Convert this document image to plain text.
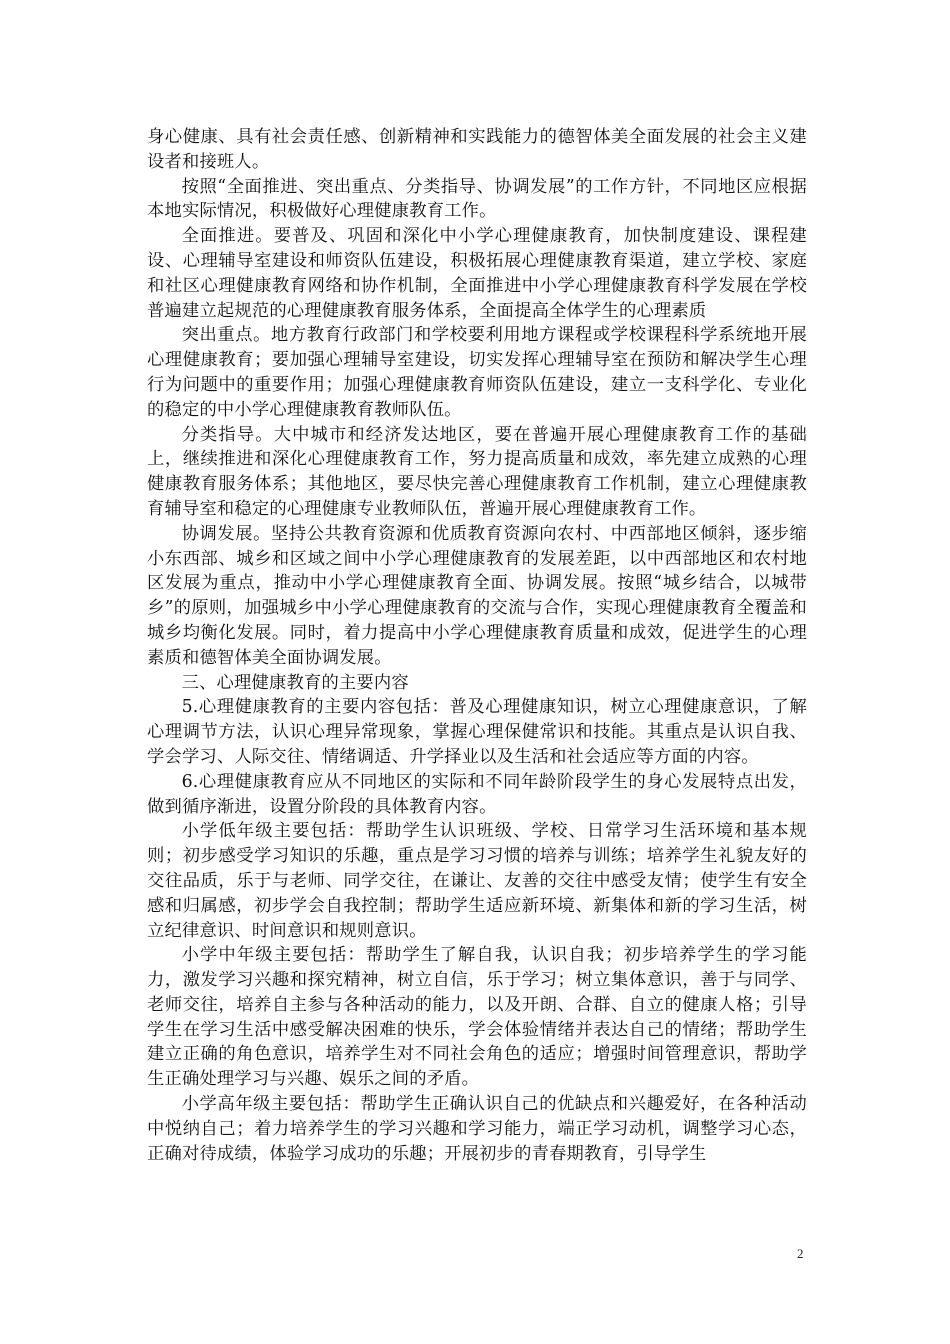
身心健康、具有社会责任感、创新精神和实践能力的德智体美全面发展的社会主义建设者和接班人。

按照“全面推进、突出重点、分类指导、协调发展”的工作方针，不同地区应根据本地实际情况，积极做好心理健康教育工作。

全面推进。要普及、巩固和深化中小学心理健康教育，加快制度建设、课程建设、心理辅导室建设和师资队伍建设，积极拓展心理健康教育渠道，建立学校、家庭和社区心理健康教育网络和协作机制，全面推进中小学心理健康教育科学发展在学校普遍建立起规范的心理健康教育服务体系，全面提高全体学生的心理素质

突出重点。地方教育行政部门和学校要利用地方课程或学校课程科学系统地开展心理健康教育；要加强心理辅导室建设，切实发挥心理辅导室在预防和解决学生心理行为问题中的重要作用；加强心理健康教育师资队伍建设，建立一支科学化、专业化的稳定的中小学心理健康教育教师队伍。

分类指导。大中城市和经济发达地区，要在普遍开展心理健康教育工作的基础上，继续推进和深化心理健康教育工作，努力提高质量和成效，率先建立成熟的心理健康教育服务体系；其他地区，要尽快完善心理健康教育工作机制，建立心理健康教育辅导室和稳定的心理健康专业教师队伍，普遍开展心理健康教育工作。

协调发展。坚持公共教育资源和优质教育资源向农村、中西部地区倾斜，逐步缩小东西部、城乡和区域之间中小学心理健康教育的发展差距，以中西部地区和农村地区发展为重点，推动中小学心理健康教育全面、协调发展。按照“城乡结合，以城带乡”的原则，加强城乡中小学心理健康教育的交流与合作，实现心理健康教育全覆盖和城乡均衡化发展。同时，着力提高中小学心理健康教育质量和成效，促进学生的心理素质和德智体美全面协调发展。

三、心理健康教育的主要内容

5.心理健康教育的主要内容包括：普及心理健康知识，树立心理健康意识，了解心理调节方法，认识心理异常现象，掌握心理保健常识和技能。其重点是认识自我、学会学习、人际交往、情绪调适、升学择业以及生活和社会适应等方面的内容。

6.心理健康教育应从不同地区的实际和不同年龄阶段学生的身心发展特点出发，做到循序渐进，设置分阶段的具体教育内容。

小学低年级主要包括：帮助学生认识班级、学校、日常学习生活环境和基本规则；初步感受学习知识的乐趣，重点是学习习惯的培养与训练；培养学生礼貌友好的交往品质，乐于与老师、同学交往，在谦让、友善的交往中感受友情；使学生有安全感和归属感，初步学会自我控制；帮助学生适应新环境、新集体和新的学习生活，树立纪律意识、时间意识和规则意识。

小学中年级主要包括：帮助学生了解自我，认识自我；初步培养学生的学习能力，激发学习兴趣和探究精神，树立自信，乐于学习；树立集体意识，善于与同学、老师交往，培养自主参与各种活动的能力，以及开朗、合群、自立的健康人格；引导学生在学习生活中感受解决困难的快乐，学会体验情绪并表达自己的情绪；帮助学生建立正确的角色意识，培养学生对不同社会角色的适应；增强时间管理意识，帮助学生正确处理学习与兴趣、娱乐之间的矛盾。

小学高年级主要包括：帮助学生正确认识自己的优缺点和兴趣爱好，在各种活动中悦纳自己；着力培养学生的学习兴趣和学习能力，端正学习动机，调整学习心态，正确对待成绩，体验学习成功的乐趣；开展初步的青春期教育，引导学生

2
